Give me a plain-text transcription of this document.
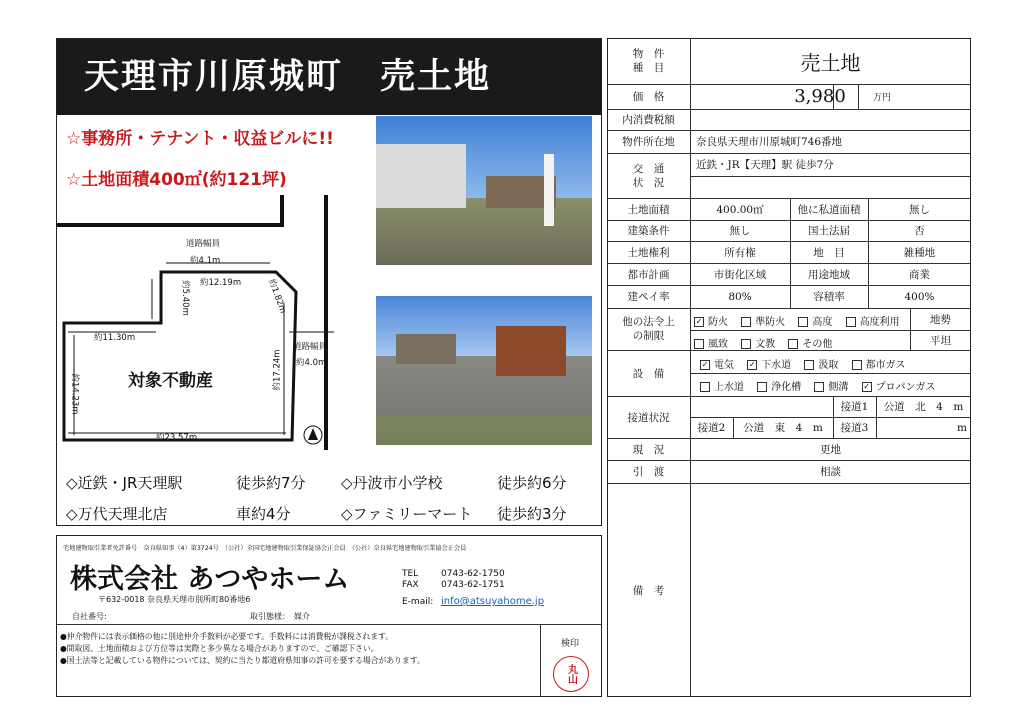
天理市川原城町　売土地
☆事務所・テナント・収益ビルに!!
☆土地面積400㎡(約121坪)
道路幅員
約4.1m
道路幅員
約4.0m
約12.19m	約1.82m
約5.40m
約11.30m
約17.24m
約14.23m
約23.57m
対象不動産
◇近鉄・JR天理駅	徒歩約7分 ◇丹波市小学校	徒歩約6分
◇万代天理北店	車約4分	◇ファミリーマート 徒歩約3分
宅地建物取引業者免許番号　奈良県知事（4）第3724号　（公社）全国宅地建物取引業保証協会正会員　（公社）奈良県宅地建物取引業協会正会員
株式会社 あつやホーム	TEL	0743-62-1750
FAX 0743-62-1751
E-mail: info@atsuyahome.jp
〒632-0018 奈良県天理市別所町80番地6
自社番号:	取引態様：　媒介
●仲介物件には表示価格の他に別途仲介手数料が必要です。手数料には消費税が課税されます。
●間取図、土地面積および方位等は実際と多少異なる場合がありますので、ご確認下さい。
●国土法等と記載している物件については、契約に当たり都道府県知事の許可を要する場合があります。
検印
丸山
物　件
種　目	売土地
価　格	3,980	万円
内消費税額
物件所在地	奈良県天理市川原城町746番地
交　通
状　況
近鉄・JR【天理】駅 徒歩7分
土地面積	400.00㎡	他に私道面積	無し
建築条件	無し	国土法届	否
土地権利	所有権	地　目	雑種地
都市計画	市街化区域	用途地域	商業
建ペイ率	80%	容積率	400%
他の法令上
の制限
✓ 防火　	準防火　	高度　	高度利用
風致　	文教　	その他
地勢
平坦
設　備
✓ 電気　 ✓ 下水道　	汲取　	都市ガス
上水道　	浄化槽　	側溝　 ✓ プロパンガス
接道状況
接道1	公道　北　4　m
接道2	公道　東　4　m	接道3	m
現　況	更地
引　渡	相談
備　考
